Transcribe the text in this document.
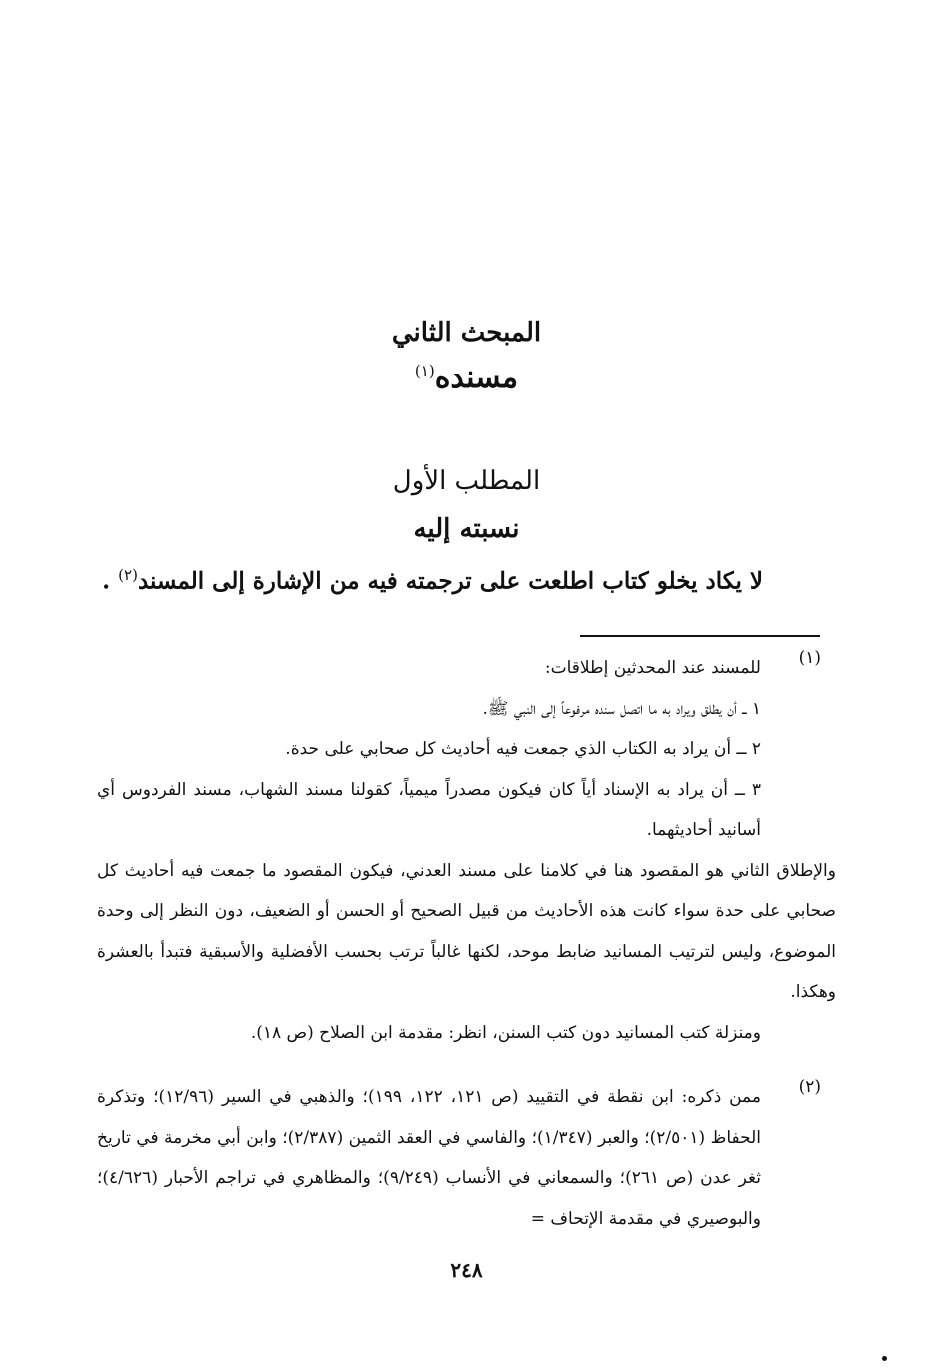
المبحث الثاني
مسنده$^{(١)}$
المطلب الأول
نسبته إليه
لا يكاد يخلو كتاب اطلعت على ترجمته فيه من الإشارة إلى المسند$^{(٢)}$ .
(١)

للمسند عند المحدثين إطلاقات:

١ ــ أن يطلق ويراد به ما اتصل سنده مرفوعاً إلى النبي ﷺ.

٢ ــ أن يراد به الكتاب الذي جمعت فيه أحاديث كل صحابي على حدة.

٣ ــ أن يراد به الإسناد أياً كان فيكون مصدراً ميمياً، كقولنا مسند الشهاب، مسند الفردوس أي أسانيد أحاديثهما.

والإطلاق الثاني هو المقصود هنا في كلامنا على مسند العدني، فيكون المقصود ما جمعت فيه أحاديث كل صحابي على حدة سواء كانت هذه الأحاديث من قبيل الصحيح أو الحسن أو الضعيف، دون النظر إلى وحدة الموضوع، وليس لترتيب المسانيد ضابط موحد، لكنها غالباً ترتب بحسب الأفضلية والأسبقية فتبدأ بالعشرة وهكذا.

ومنزلة كتب المسانيد دون كتب السنن، انظر: مقدمة ابن الصلاح (ص ١٨).

(٢)

ممن ذكره: ابن نقطة في التقييد (ص ١٢١، ١٢٢، ١٩٩)؛ والذهبي في السير (١٢/٩٦)؛ وتذكرة الحفاظ (٢/٥٠١)؛ والعبر (١/٣٤٧)؛ والفاسي في العقد الثمين (٢/٣٨٧)؛ وابن أبي مخرمة في تاريخ ثغر عدن (ص ٢٦١)؛ والسمعاني في الأنساب (٩/٢٤٩)؛ والمظاهري في تراجم الأحبار (٤/٦٢٦)؛ والبوصيري في مقدمة الإتحاف =

٢٤٨
